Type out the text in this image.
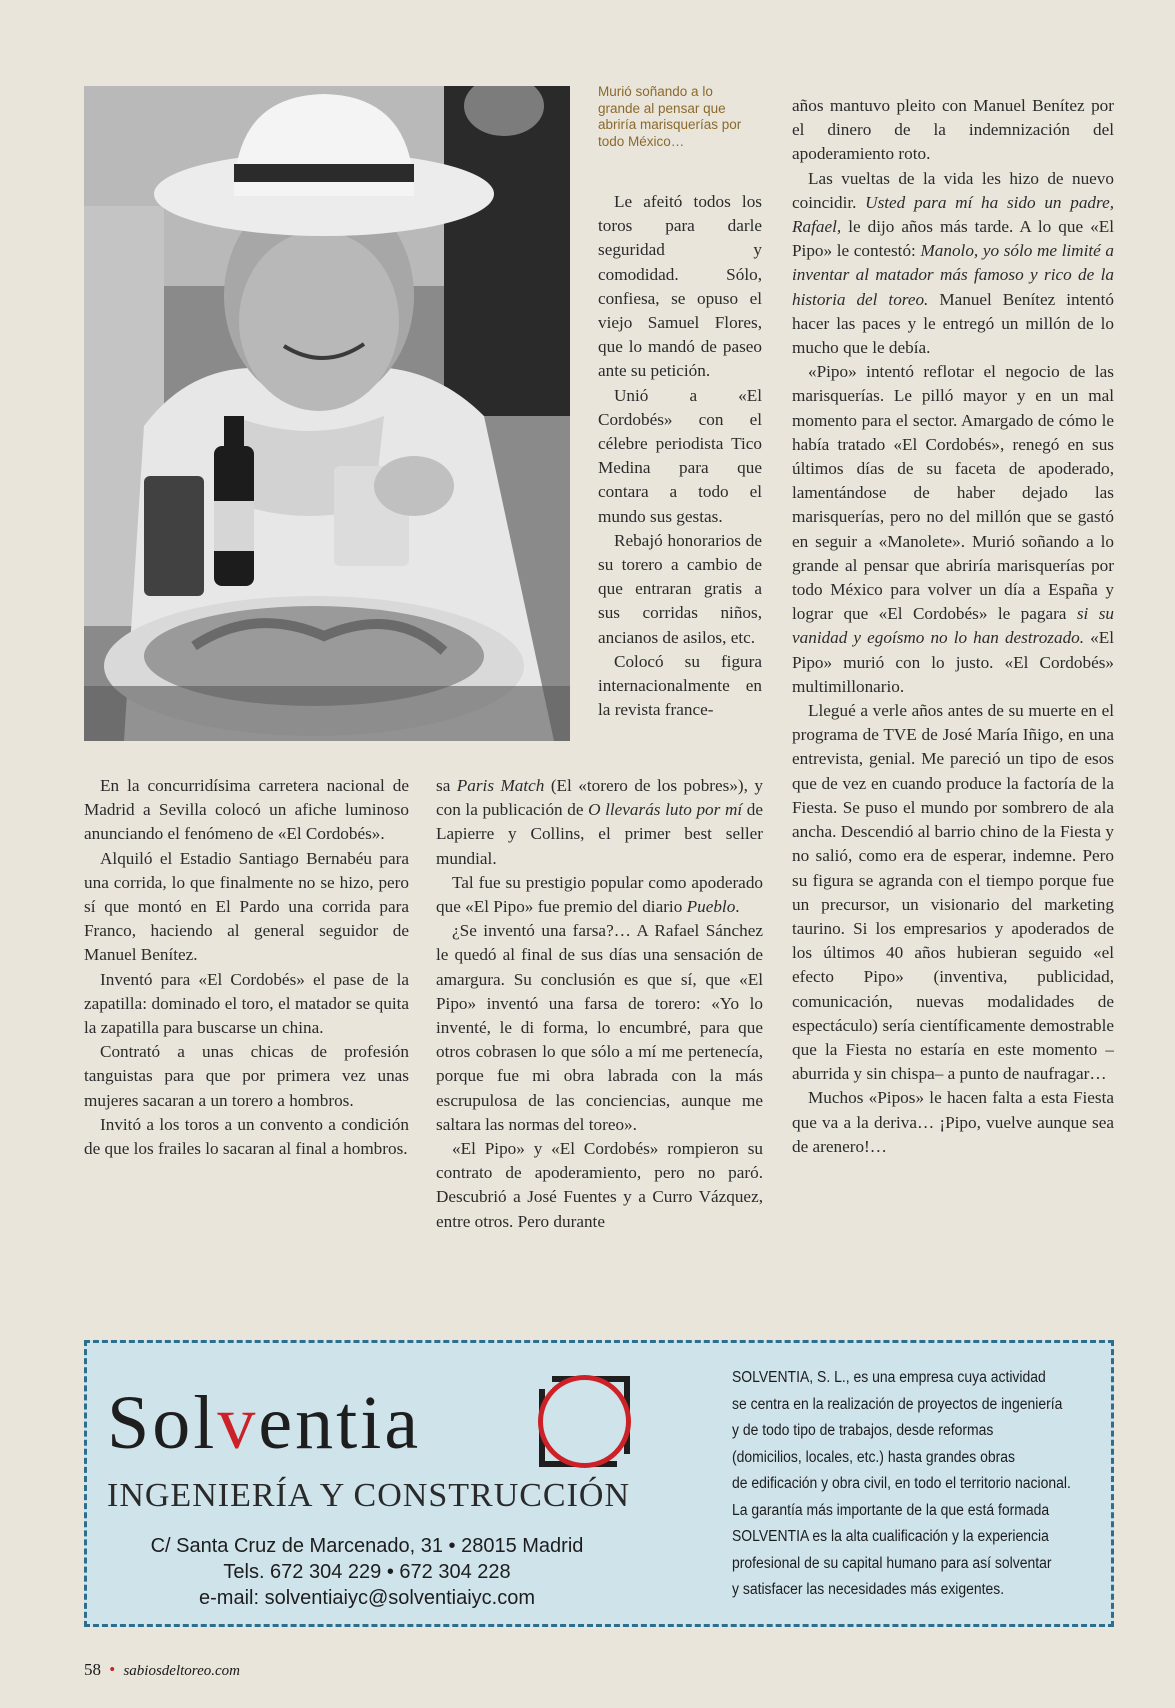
Murió soñando a lo grande al pensar que abriría marisquerías por todo México…

Le afeitó todos los toros para darle seguridad y comodidad. Sólo, confiesa, se opuso el viejo Samuel Flores, que lo mandó de paseo ante su petición.

Unió a «El Cordobés» con el célebre periodista Tico Medina para que contara a todo el mundo sus gestas.

Rebajó honorarios de su torero a cambio de que entraran gratis a sus corridas niños, ancianos de asilos, etc.

Colocó su figura internacionalmente en la revista france-

En la concurridísima carretera nacional de Madrid a Sevilla colocó un afiche luminoso anunciando el fenómeno de «El Cordobés».

Alquiló el Estadio Santiago Bernabéu para una corrida, lo que finalmente no se hizo, pero sí que montó en El Pardo una corrida para Franco, haciendo al general seguidor de Manuel Benítez.

Inventó para «El Cordobés» el pase de la zapatilla: dominado el toro, el matador se quita la zapatilla para buscarse un china.

Contrató a unas chicas de profesión tanguistas para que por primera vez unas mujeres sacaran a un torero a hombros.

Invitó a los toros a un convento a condición de que los frailes lo sacaran al final a hombros.

sa Paris Match (El «torero de los pobres»), y con la publicación de O llevarás luto por mí de Lapierre y Collins, el primer best seller mundial.

Tal fue su prestigio popular como apoderado que «El Pipo» fue premio del diario Pueblo.

¿Se inventó una farsa?… A Rafael Sánchez le quedó al final de sus días una sensación de amargura. Su conclusión es que sí, que «El Pipo» inventó una farsa de torero: «Yo lo inventé, le di forma, lo encumbré, para que otros cobrasen lo que sólo a mí me pertenecía, porque fue mi obra labrada con la más escrupulosa de las conciencias, aunque me saltara las normas del toreo».

«El Pipo» y «El Cordobés» rompieron su contrato de apoderamiento, pero no paró. Descubrió a José Fuentes y a Curro Vázquez, entre otros. Pero durante

años mantuvo pleito con Manuel Benítez por el dinero de la indemnización del apoderamiento roto.

Las vueltas de la vida les hizo de nuevo coincidir. Usted para mí ha sido un padre, Rafael, le dijo años más tarde. A lo que «El Pipo» le contestó: Manolo, yo sólo me limité a inventar al matador más famoso y rico de la historia del toreo. Manuel Benítez intentó hacer las paces y le entregó un millón de lo mucho que le debía.

«Pipo» intentó reflotar el negocio de las marisquerías. Le pilló mayor y en un mal momento para el sector. Amargado de cómo le había tratado «El Cordobés», renegó en sus últimos días de su faceta de apoderado, lamentándose de haber dejado las marisquerías, pero no del millón que se gastó en seguir a «Manolete». Murió soñando a lo grande al pensar que abriría marisquerías por todo México para volver un día a España y lograr que «El Cordobés» le pagara si su vanidad y egoísmo no lo han destrozado. «El Pipo» murió con lo justo. «El Cordobés» multimillonario.

Llegué a verle años antes de su muerte en el programa de TVE de José María Iñigo, en una entrevista, genial. Me pareció un tipo de esos que de vez en cuando produce la factoría de la Fiesta. Se puso el mundo por sombrero de ala ancha. Descendió al barrio chino de la Fiesta y no salió, como era de esperar, indemne. Pero su figura se agranda con el tiempo porque fue un precursor, un visionario del marketing taurino. Si los empresarios y apoderados de los últimos 40 años hubieran seguido «el efecto Pipo» (inventiva, publicidad, comunicación, nuevas modalidades de espectáculo) sería científicamente demostrable que la Fiesta no estaría en este momento –aburrida y sin chispa– a punto de naufragar…

Muchos «Pipos» le hacen falta a esta Fiesta que va a la deriva… ¡Pipo, vuelve aunque sea de arenero!…

Solventia
INGENIERÍA Y CONSTRUCCIÓN
C/ Santa Cruz de Marcenado, 31 • 28015 Madrid
Tels. 672 304 229 • 672 304 228
e-mail: solventiaiyc@solventiaiyc.com
SOLVENTIA, S. L., es una empresa cuya actividad
se centra en la realización de proyectos de ingeniería
y de todo tipo de trabajos, desde reformas
(domicilios, locales, etc.) hasta grandes obras
de edificación y obra civil, en todo el territorio nacional.
La garantía más importante de la que está formada
SOLVENTIA es la alta cualificación y la experiencia
profesional de su capital humano para así solventar
y satisfacer las necesidades más exigentes.
58 • sabiosdeltoreo.com
